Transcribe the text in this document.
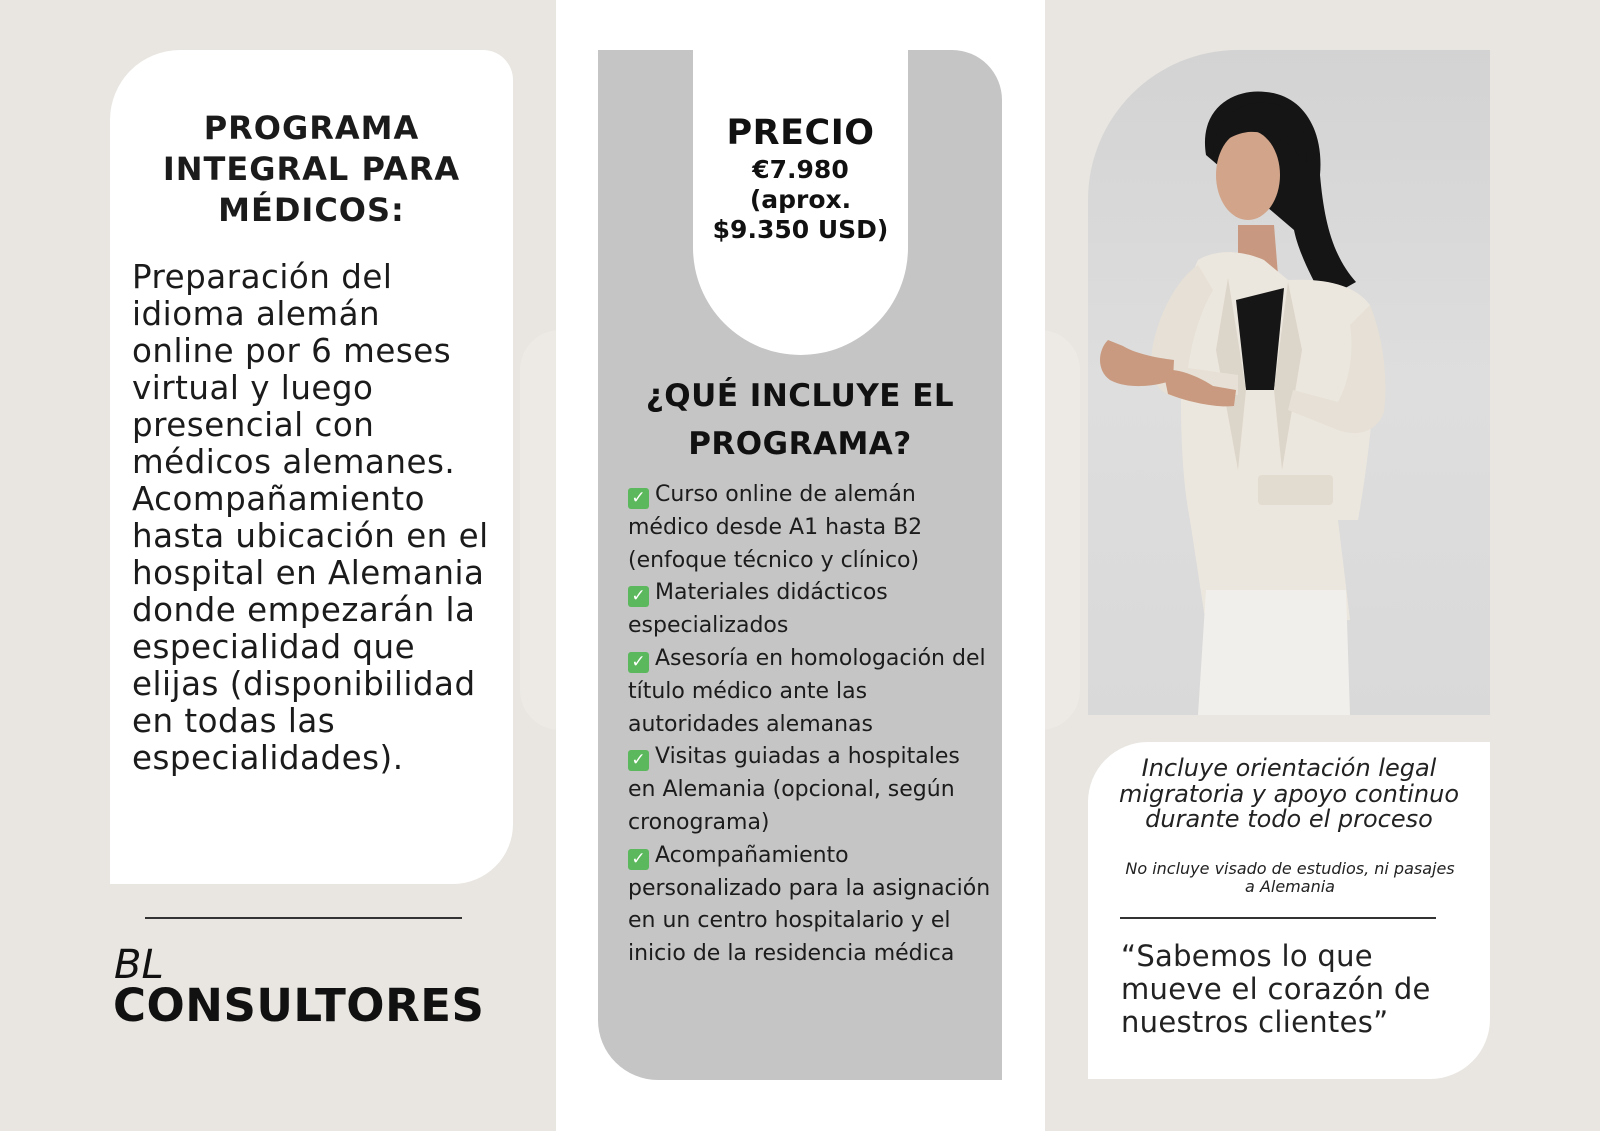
PROGRAMA INTEGRAL PARA MÉDICOS:
Preparación del idioma alemán online por 6 meses virtual y luego presencial con médicos alemanes. Acompañamiento hasta ubicación en el hospital en Alemania donde empezarán la especialidad que elijas (disponibilidad en todas las especialidades).
BL
CONSULTORES
PRECIO
€7.980
(aprox.
$9.350 USD)
¿QUÉ INCLUYE EL
PROGRAMA?
✓ Curso online de alemán médico desde A1 hasta B2 (enfoque técnico y clínico)
✓ Materiales didácticos especializados
✓ Asesoría en homologación del título médico ante las autoridades alemanas
✓ Visitas guiadas a hospitales en Alemania (opcional, según cronograma)
✓ Acompañamiento personalizado para la asignación en un centro hospitalario y el inicio de la residencia médica
Incluye orientación legal migratoria y apoyo continuo durante todo el proceso
No incluye visado de estudios, ni pasajes a Alemania
“Sabemos lo que mueve el corazón de nuestros clientes”
